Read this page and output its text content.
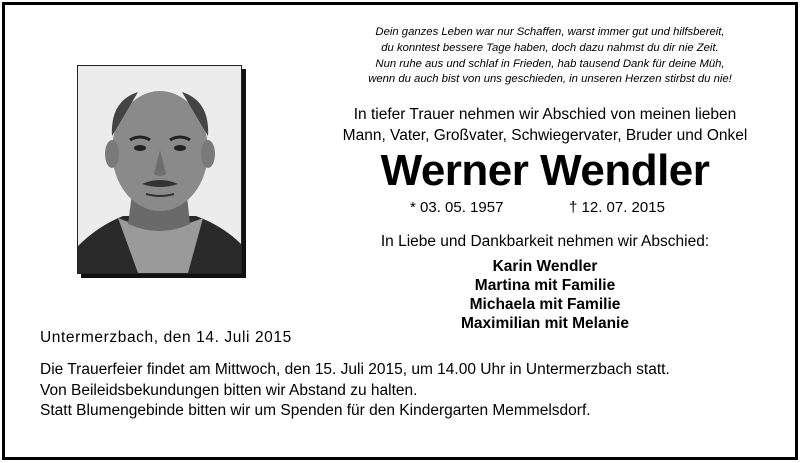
Dein ganzes Leben war nur Schaffen, warst immer gut und hilfsbereit,
du konntest bessere Tage haben, doch dazu nahmst du dir nie Zeit.
Nun ruhe aus und schlaf in Frieden, hab tausend Dank für deine Müh,
wenn du auch bist von uns geschieden, in unseren Herzen stirbst du nie!
In tiefer Trauer nehmen wir Abschied von meinen lieben
Mann, Vater, Großvater, Schwiegervater, Bruder und Onkel
Werner Wendler
* 03. 05. 1957	† 12. 07. 2015
In Liebe und Dankbarkeit nehmen wir Abschied:
Karin Wendler
Martina mit Familie
Michaela mit Familie
Maximilian mit Melanie
Untermerzbach, den 14. Juli 2015
Die Trauerfeier findet am Mittwoch, den 15. Juli 2015, um 14.00 Uhr in Untermerzbach statt.
Von Beileidsbekundungen bitten wir Abstand zu halten.
Statt Blumengebinde bitten wir um Spenden für den Kindergarten Memmelsdorf.
